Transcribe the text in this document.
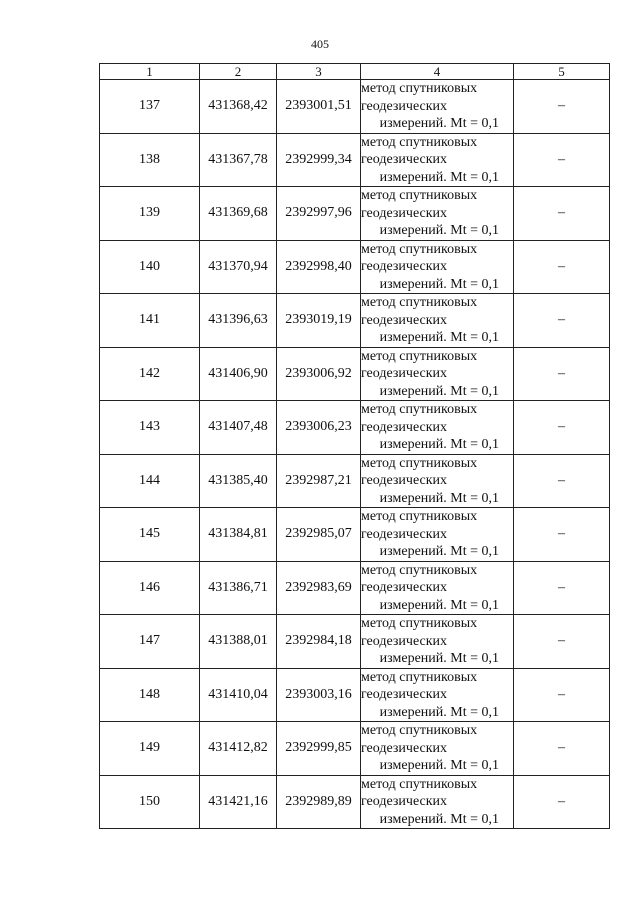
405
1	2	3	4	5
137	431368,42	2393001,51	метод спутниковых
геодезических
измерений. Mt = 0,1	–
138	431367,78	2392999,34	метод спутниковых
геодезических
измерений. Mt = 0,1	–
139	431369,68	2392997,96	метод спутниковых
геодезических
измерений. Mt = 0,1	–
140	431370,94	2392998,40	метод спутниковых
геодезических
измерений. Mt = 0,1	–
141	431396,63	2393019,19	метод спутниковых
геодезических
измерений. Mt = 0,1	–
142	431406,90	2393006,92	метод спутниковых
геодезических
измерений. Mt = 0,1	–
143	431407,48	2393006,23	метод спутниковых
геодезических
измерений. Mt = 0,1	–
144	431385,40	2392987,21	метод спутниковых
геодезических
измерений. Mt = 0,1	–
145	431384,81	2392985,07	метод спутниковых
геодезических
измерений. Mt = 0,1	–
146	431386,71	2392983,69	метод спутниковых
геодезических
измерений. Mt = 0,1	–
147	431388,01	2392984,18	метод спутниковых
геодезических
измерений. Mt = 0,1	–
148	431410,04	2393003,16	метод спутниковых
геодезических
измерений. Mt = 0,1	–
149	431412,82	2392999,85	метод спутниковых
геодезических
измерений. Mt = 0,1	–
150	431421,16	2392989,89	метод спутниковых
геодезических
измерений. Mt = 0,1	–
